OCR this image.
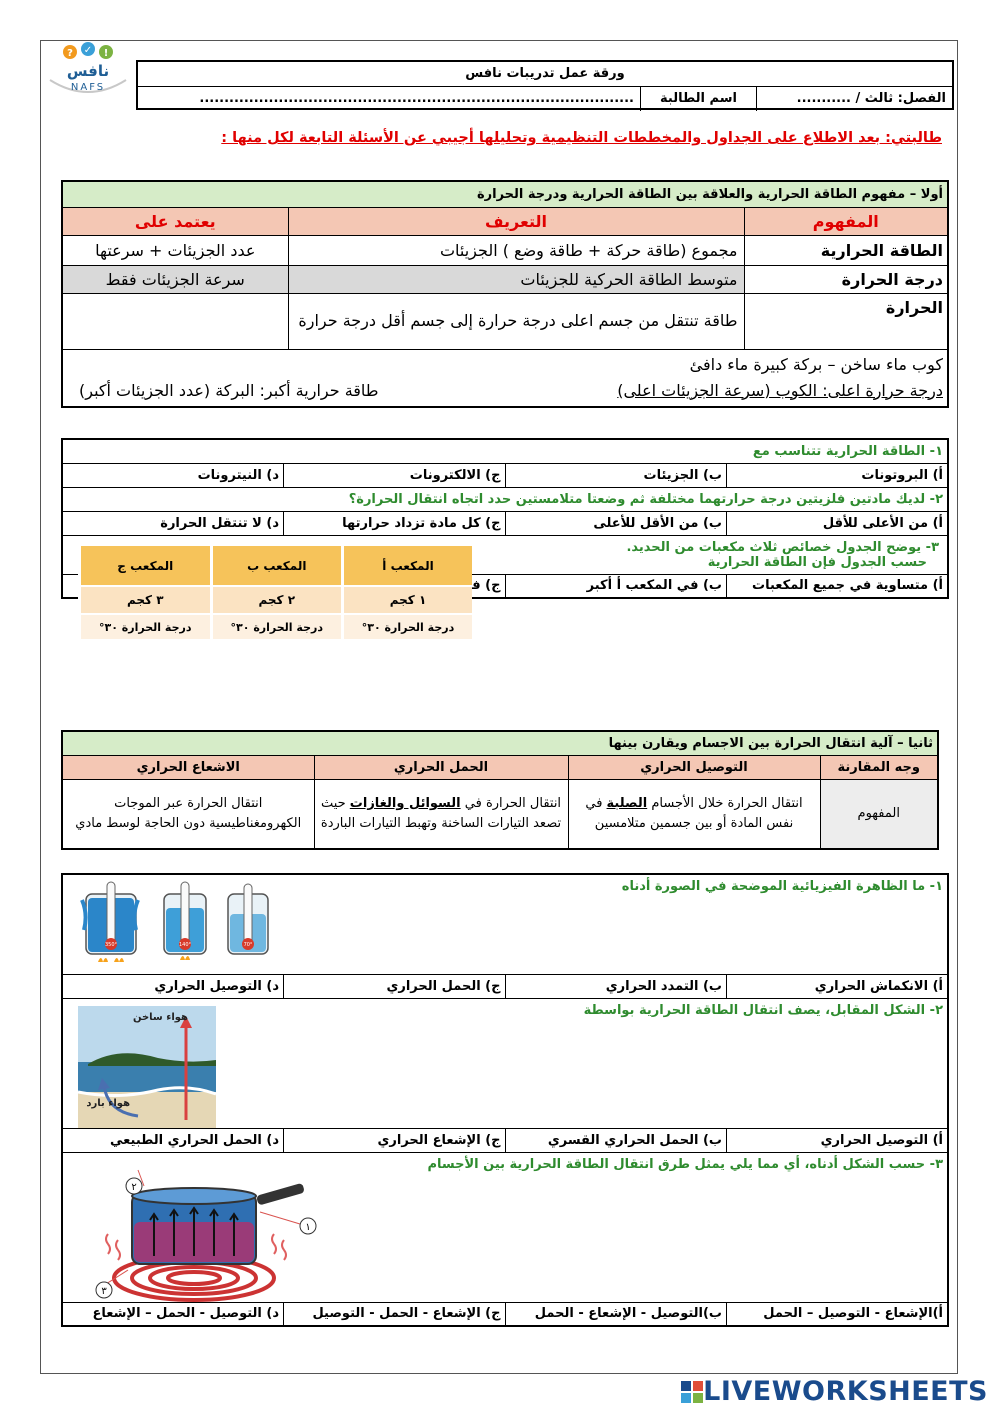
? ✓ !
نافس
NAFS
ورقة عمل تدريبات نافس
الفصل: ثالث / ...........
اسم الطالبة
........................................................................................
طالبتي: بعد الاطلاع على الجداول والمخططات التنظيمية وتحليلها أجيبي عن الأسئلة التابعة لكل منها :
أولا – مفهوم الطاقة الحرارية والعلاقة بين الطاقة الحرارية ودرجة الحرارة		
المفهوم	التعريف	يعتمد على
الطاقة الحرارية	مجموع (طاقة حركة + طاقة وضع ) الجزيئات	عدد الجزيئات + سرعتها
درجة الحرارة	متوسط الطاقة الحركية للجزيئات	سرعة الجزيئات فقط
الحرارة	طاقة تنتقل من جسم اعلى درجة حرارة إلى جسم أقل درجة حرارة	

كوب ماء ساخن – بركة كبيرة ماء دافئ
درجة حرارة اعلى: الكوب (سرعة الجزيئات اعلى)
طاقة حرارية أكبر: البركة (عدد الجزيئات أكبر)		
١- الطاقة الحرارية تتناسب مع			
أ) البروتونات	ب) الجزيئات	ج) الالكترونات	د) النيترونات
٢- لديك مادتين فلزيتين درجة حرارتهما مختلفة ثم وضعتا متلامستين حدد اتجاه انتقال الحرارة؟			
أ) من الأعلى للأقل	ب) من الأقل للأعلى	ج) كل مادة تزداد حرارتها	د) لا تنتقل الحرارة

٣- يوضح الجدول خصائص ثلاث مكعبات من الحديد.
حسب الجدول فإن الطاقة الحرارية			

أ) متساوية في جميع المكعبات	ب) في المكعب أ أكبر	ج) في المكعب ب أعلى	د) في المكعب ج أعلى
المكعب أ	المكعب ب	المكعب ج
١ كجم	٢ كجم	٣ كجم
درجة الحرارة ٣٠°	درجة الحرارة ٣٠°	درجة الحرارة ٣٠°
ثانيا – آلية انتقال الحرارة بين الاجسام ويقارن بينها			
وجه المقارنة	التوصيل الحراري	الحمل الحراري	الاشعاع الحراري
المفهوم	انتقال الحرارة خلال الأجسام الصلبة في نفس المادة أو بين جسمين متلامسين	انتقال الحرارة في السوائل والغازات حيث تصعد التيارات الساخنة وتهبط التيارات الباردة	انتقال الحرارة عبر الموجات الكهرومغناطيسية دون الحاجة لوسط مادي
١- ما الظاهرة الفيزيائية الموضحة في الصورة أدناه			
أ) الانكماش الحراري	ب) التمدد الحراري	ج) الحمل الحراري	د) التوصيل الحراري
٢- الشكل المقابل، يصف انتقال الطاقة الحرارية بواسطة			
أ) التوصيل الحراري	ب) الحمل الحراري القسري	ج) الإشعاع الحراري	د) الحمل الحراري الطبيعي
٣- حسب الشكل أدناه، أي مما يلي يمثل طرق انتقال الطاقة الحرارية بين الأجسام			
أ)الإشعاع - التوصيل – الحمل	ب)التوصيل - الإشعاع - الحمل	ج) الإشعاع - الحمل - التوصيل	د) التوصيل - الحمل – الإشعاع
70°
140°
350°
هواء ساخن
هواء بارد
٢
١
٣
LIVEWORKSHEETS
